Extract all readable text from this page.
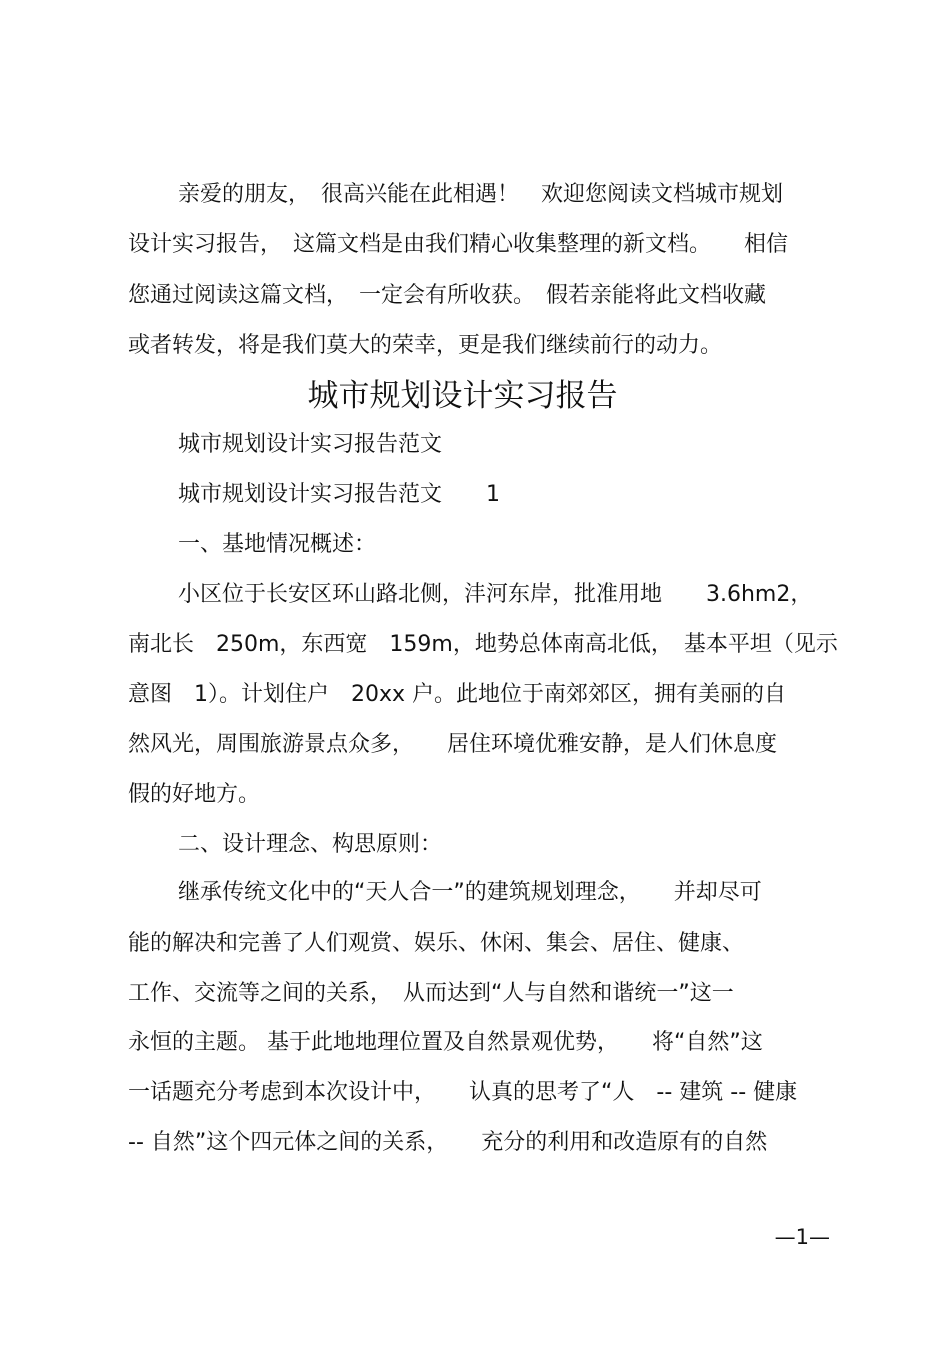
亲爱的朋友，　很高兴能在此相遇！　欢迎您阅读文档城市规划
设计实习报告，　这篇文档是由我们精心收集整理的新文档。　　相信
您通过阅读这篇文档，　一定会有所收获。　假若亲能将此文档收藏
或者转发，将是我们莫大的荣幸，更是我们继续前行的动力。
城市规划设计实习报告
城市规划设计实习报告范文
城市规划设计实习报告范文　　1
一、基地情况概述：
小区位于长安区环山路北侧，沣河东岸，批准用地　　3.6hm2，
南北长　250m，东西宽　159m，地势总体南高北低，　基本平坦（见示
意图　1）。计划住户　20xx 户。此地位于南郊郊区，拥有美丽的自
然风光，周围旅游景点众多，　　居住环境优雅安静，是人们休息度
假的好地方。
二、设计理念、构思原则：
继承传统文化中的“天人合一”的建筑规划理念，　　并却尽可
能的解决和完善了人们观赏、娱乐、休闲、集会、居住、健康、
工作、交流等之间的关系，　从而达到“人与自然和谐统一”这一
永恒的主题。 基于此地地理位置及自然景观优势，　　将“自然”这
一话题充分考虑到本次设计中，　　认真的思考了“人　-- 建筑 -- 健康
-- 自然”这个四元体之间的关系，　　充分的利用和改造原有的自然
—1—
